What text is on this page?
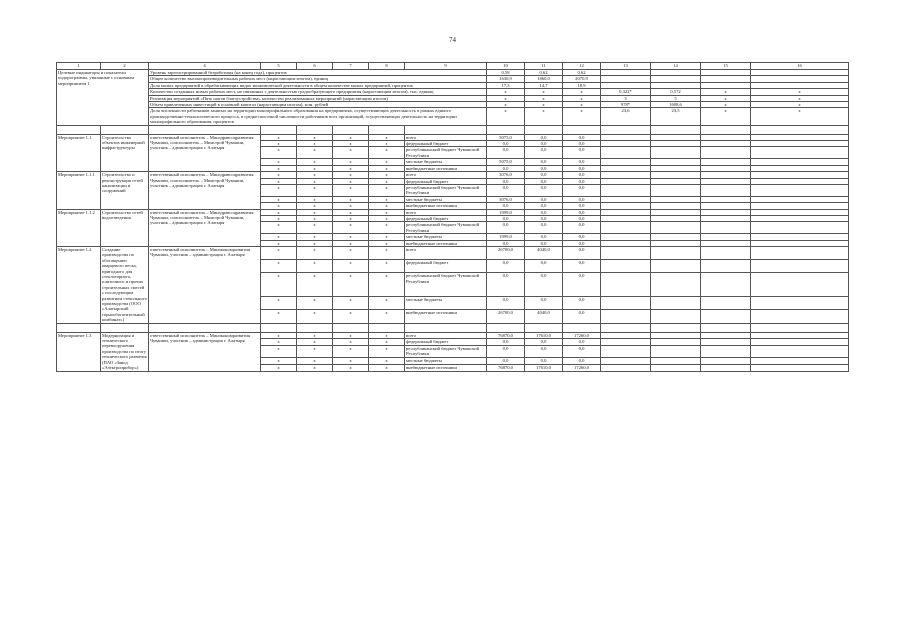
74
1	2		4	5	6	7	8	9	10	11	12	13	14	15	16
Целевые индикаторы и показатели подпрограммы, увязанные с основным мероприятием 1		Уровень зарегистрированной безработицы (на конец года), процентов						0,58	0,62	0,62				
		Общее количество высокопроизводительных рабочих мест (нарастающим итогом), единиц						1630,9	1860,0	2070,9				
		Доля малых предприятий в обрабатывающих видах экономической деятельности в общем количестве малых предприятий, процентов						17,3	14,7	18,9				
		Количество созданных новых рабочих мест, не связанных с деятельностью градообразующего предприятия (нарастающим итогом), тыс. единиц						x	x	x	0,322*	0,572	x	x
		Реализация мероприятий «Пять шагов благоустройства» количество реализованных мероприятий (нарастающим итогом)						x	x	x	3	5	x	x
		Объем привлеченных инвестиций в основной капитал (нарастающим итогом), млн. рублей						x	x	x	978*	1608,6	x	x
		Доля численности работников занятых на территории монопрофильного образования на предприятиях, осуществляющих деятельность в рамках единого производственно-технологического процесса, в среднесписочной численности работников всех организаций, осуществляющих деятельность на территории монопрофильного образования, процентов						x	x	x	23,6	23,5	x	x

Мероприятие 1.1	Строительство объектов инженерной инфраструктуры	ответственный исполнитель – Минздравсоцразвития Чувашии, соисполнитель – Минстрой Чувашии, участник – администрация г. Алатыря	x	x	x	x	всего	5075,0	0,0	0,0				
			x	x	x	x	федеральный бюджет	0,0	0,0	0,0				
			x	x	x	x	республиканский бюджет Чувашской Республики	0,0	0,0	0,0				
			x	x	x	x	местные бюджеты	5075,0	0,0	0,0				
			x	x	x	x	внебюджетные источники	0,0	0,0	0,0				
Мероприятие 1.1.1	Строительство и реконструкция сетей канализации и сооружений	ответственный исполнитель – Минздравсоцразвития Чувашии, соисполнитель – Минстрой Чувашии, участник – администрация г. Алатыря	x	x	x	x	всего	3076,0	0,0	0,0				
			x	x	x	x	федеральный бюджет	0,0	0,0	0,0				
			x	x	x	x	республиканский бюджет Чувашской Республики	0,0	0,0	0,0				
			x	x	x	x	местные бюджеты	3076,0	0,0	0,0				
			x	x	x	x	внебюджетные источники	0,0	0,0	0,0				
Мероприятие 1.1.2	Строительство сетей водоотведения	ответственный исполнитель – Минздравсоцразвития Чувашии, соисполнитель – Минстрой Чувашии, участник – администрация г. Алатыря	x	x	x	x	всего	1999,0	0,0	0,0				
			x	x	x	x	федеральный бюджет	0,0	0,0	0,0				
			x	x	x	x	республиканский бюджет Чувашской Республики	0,0	0,0	0,0				
			x	x	x	x	местные бюджеты	1999,0	0,0	0,0				
			x	x	x	x	внебюджетные источники	0,0	0,0	0,0				
Мероприятие 1.2	Создание производства по обогащению кварцевого песка, пригодного для стеклотарного, плиточного и прочих строительных смесей с последующим развитием стекольного производства (ООО «Алатырский горнообогатительный комбинат»)	ответственный исполнитель – Минэкономразвития Чувашии, участник – администрация г. Алатыря	x	x	x	x	всего	26700,0	4040,0	0,0				
			x	x	x	x	федеральный бюджет	0,0	0,0	0,0				
			x	x	x	x	республиканский бюджет Чувашской Республики	0,0	0,0	0,0				
			x	x	x	x	местные бюджеты	0,0	0,0	0,0				
			x	x	x	x	внебюджетные источники	26700,0	4040,0	0,0				

Мероприятие 1.3	Модернизация и технического перевооружения производства по итогу технического развития (ПАО «Завод «Электроприбор»)	ответственный исполнитель – Минэкономразвития Чувашии, участник – администрация г. Алатыря	x	x	x	x	всего	76870,0	17610,0	17260,0				
			x	x	x	x	федеральный бюджет	0,0	0,0	0,0				
			x	x	x	x	республиканский бюджет Чувашской Республики	0,0	0,0	0,0				
			x	x	x	x	местные бюджеты	0,0	0,0	0,0				
			x	x	x	x	внебюджетные источники	76870,0	17610,0	17260,0				
